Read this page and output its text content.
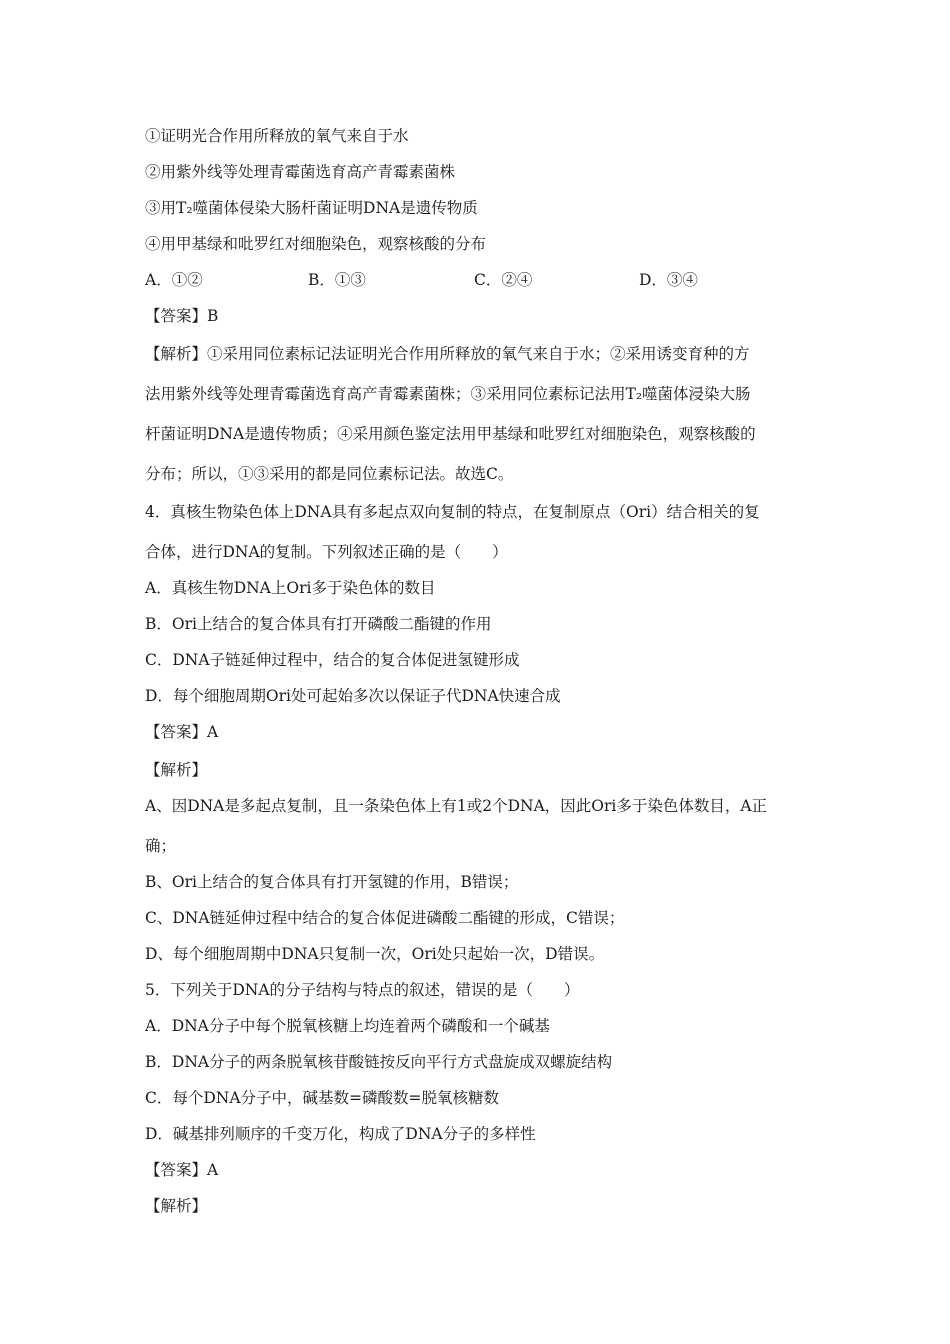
①证明光合作用所释放的氧气来自于水
②用紫外线等处理青霉菌选育高产青霉素菌株
③用T₂噬菌体侵染大肠杆菌证明DNA是遗传物质
④用甲基绿和吡罗红对细胞染色，观察核酸的分布
A．①②	B．①③	C．②④	D．③④
【答案】B
【解析】①采用同位素标记法证明光合作用所释放的氧气来自于水；②采用诱变育种的方
法用紫外线等处理青霉菌选育高产青霉素菌株；③采用同位素标记法用T₂噬菌体浸染大肠
杆菌证明DNA是遗传物质；④采用颜色鉴定法用甲基绿和吡罗红对细胞染色，观察核酸的
分布；所以，①③采用的都是同位素标记法。故选C。
4．真核生物染色体上DNA具有多起点双向复制的特点，在复制原点（Ori）结合相关的复
合体，进行DNA的复制。下列叙述正确的是（　　）
A．真核生物DNA上Ori多于染色体的数目
B．Ori上结合的复合体具有打开磷酸二酯键的作用
C．DNA子链延伸过程中，结合的复合体促进氢键形成
D．每个细胞周期Ori处可起始多次以保证子代DNA快速合成
【答案】A
【解析】
A、因DNA是多起点复制，且一条染色体上有1或2个DNA，因此Ori多于染色体数目，A正
确；
B、Ori上结合的复合体具有打开氢键的作用，B错误；
C、DNA链延伸过程中结合的复合体促进磷酸二酯键的形成，C错误；
D、每个细胞周期中DNA只复制一次，Ori处只起始一次，D错误。
5．下列关于DNA的分子结构与特点的叙述，错误的是（　　）
A．DNA分子中每个脱氧核糖上均连着两个磷酸和一个碱基
B．DNA分子的两条脱氧核苷酸链按反向平行方式盘旋成双螺旋结构
C．每个DNA分子中，碱基数=磷酸数=脱氧核糖数
D．碱基排列顺序的千变万化，构成了DNA分子的多样性
【答案】A
【解析】
